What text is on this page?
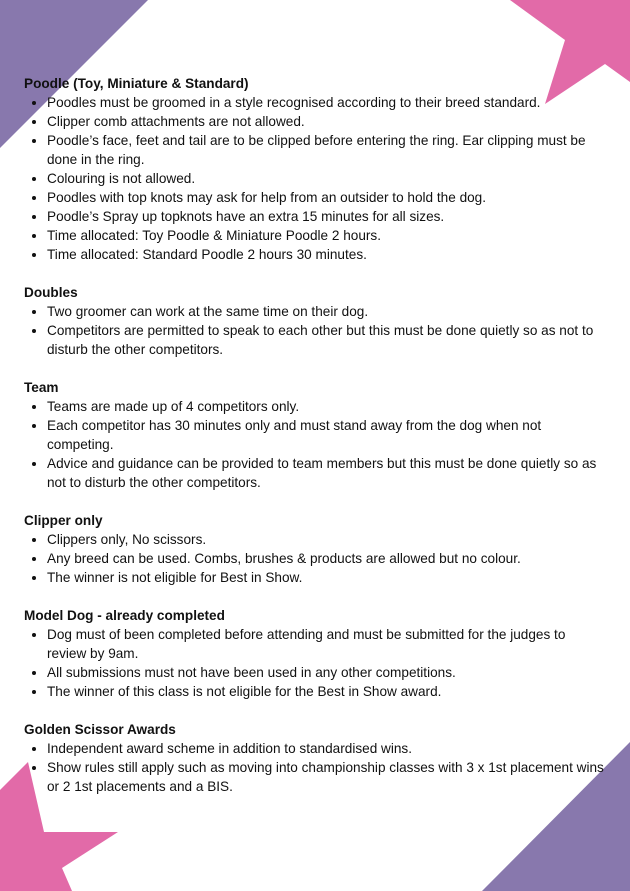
Poodle (Toy, Miniature & Standard)

• Poodles must be groomed in a style recognised according to their breed standard.
• Clipper comb attachments are not allowed.
• Poodle’s face, feet and tail are to be clipped before entering the ring. Ear clipping must be done in the ring.
• Colouring is not allowed.
• Poodles with top knots may ask for help from an outsider to hold the dog.
• Poodle’s Spray up topknots have an extra 15 minutes for all sizes.
• Time allocated: Toy Poodle & Miniature Poodle 2 hours.
• Time allocated: Standard Poodle 2 hours 30 minutes.

Doubles

• Two groomer can work at the same time on their dog.
• Competitors are permitted to speak to each other but this must be done quietly so as not to disturb the other competitors.

Team

• Teams are made up of 4 competitors only.
• Each competitor has 30 minutes only and must stand away from the dog when not competing.
• Advice and guidance can be provided to team members but this must be done quietly so as not to disturb the other competitors.

Clipper only

• Clippers only, No scissors.
• Any breed can be used. Combs, brushes & products are allowed but no colour.
• The winner is not eligible for Best in Show.

Model Dog - already completed

• Dog must of been completed before attending and must be submitted for the judges to review by 9am.
• All submissions must not have been used in any other competitions.
• The winner of this class is not eligible for the Best in Show award.

Golden Scissor Awards

• Independent award scheme in addition to standardised wins.
• Show rules still apply such as moving into championship classes with 3 x 1st placement wins or 2 1st placements and a BIS.
